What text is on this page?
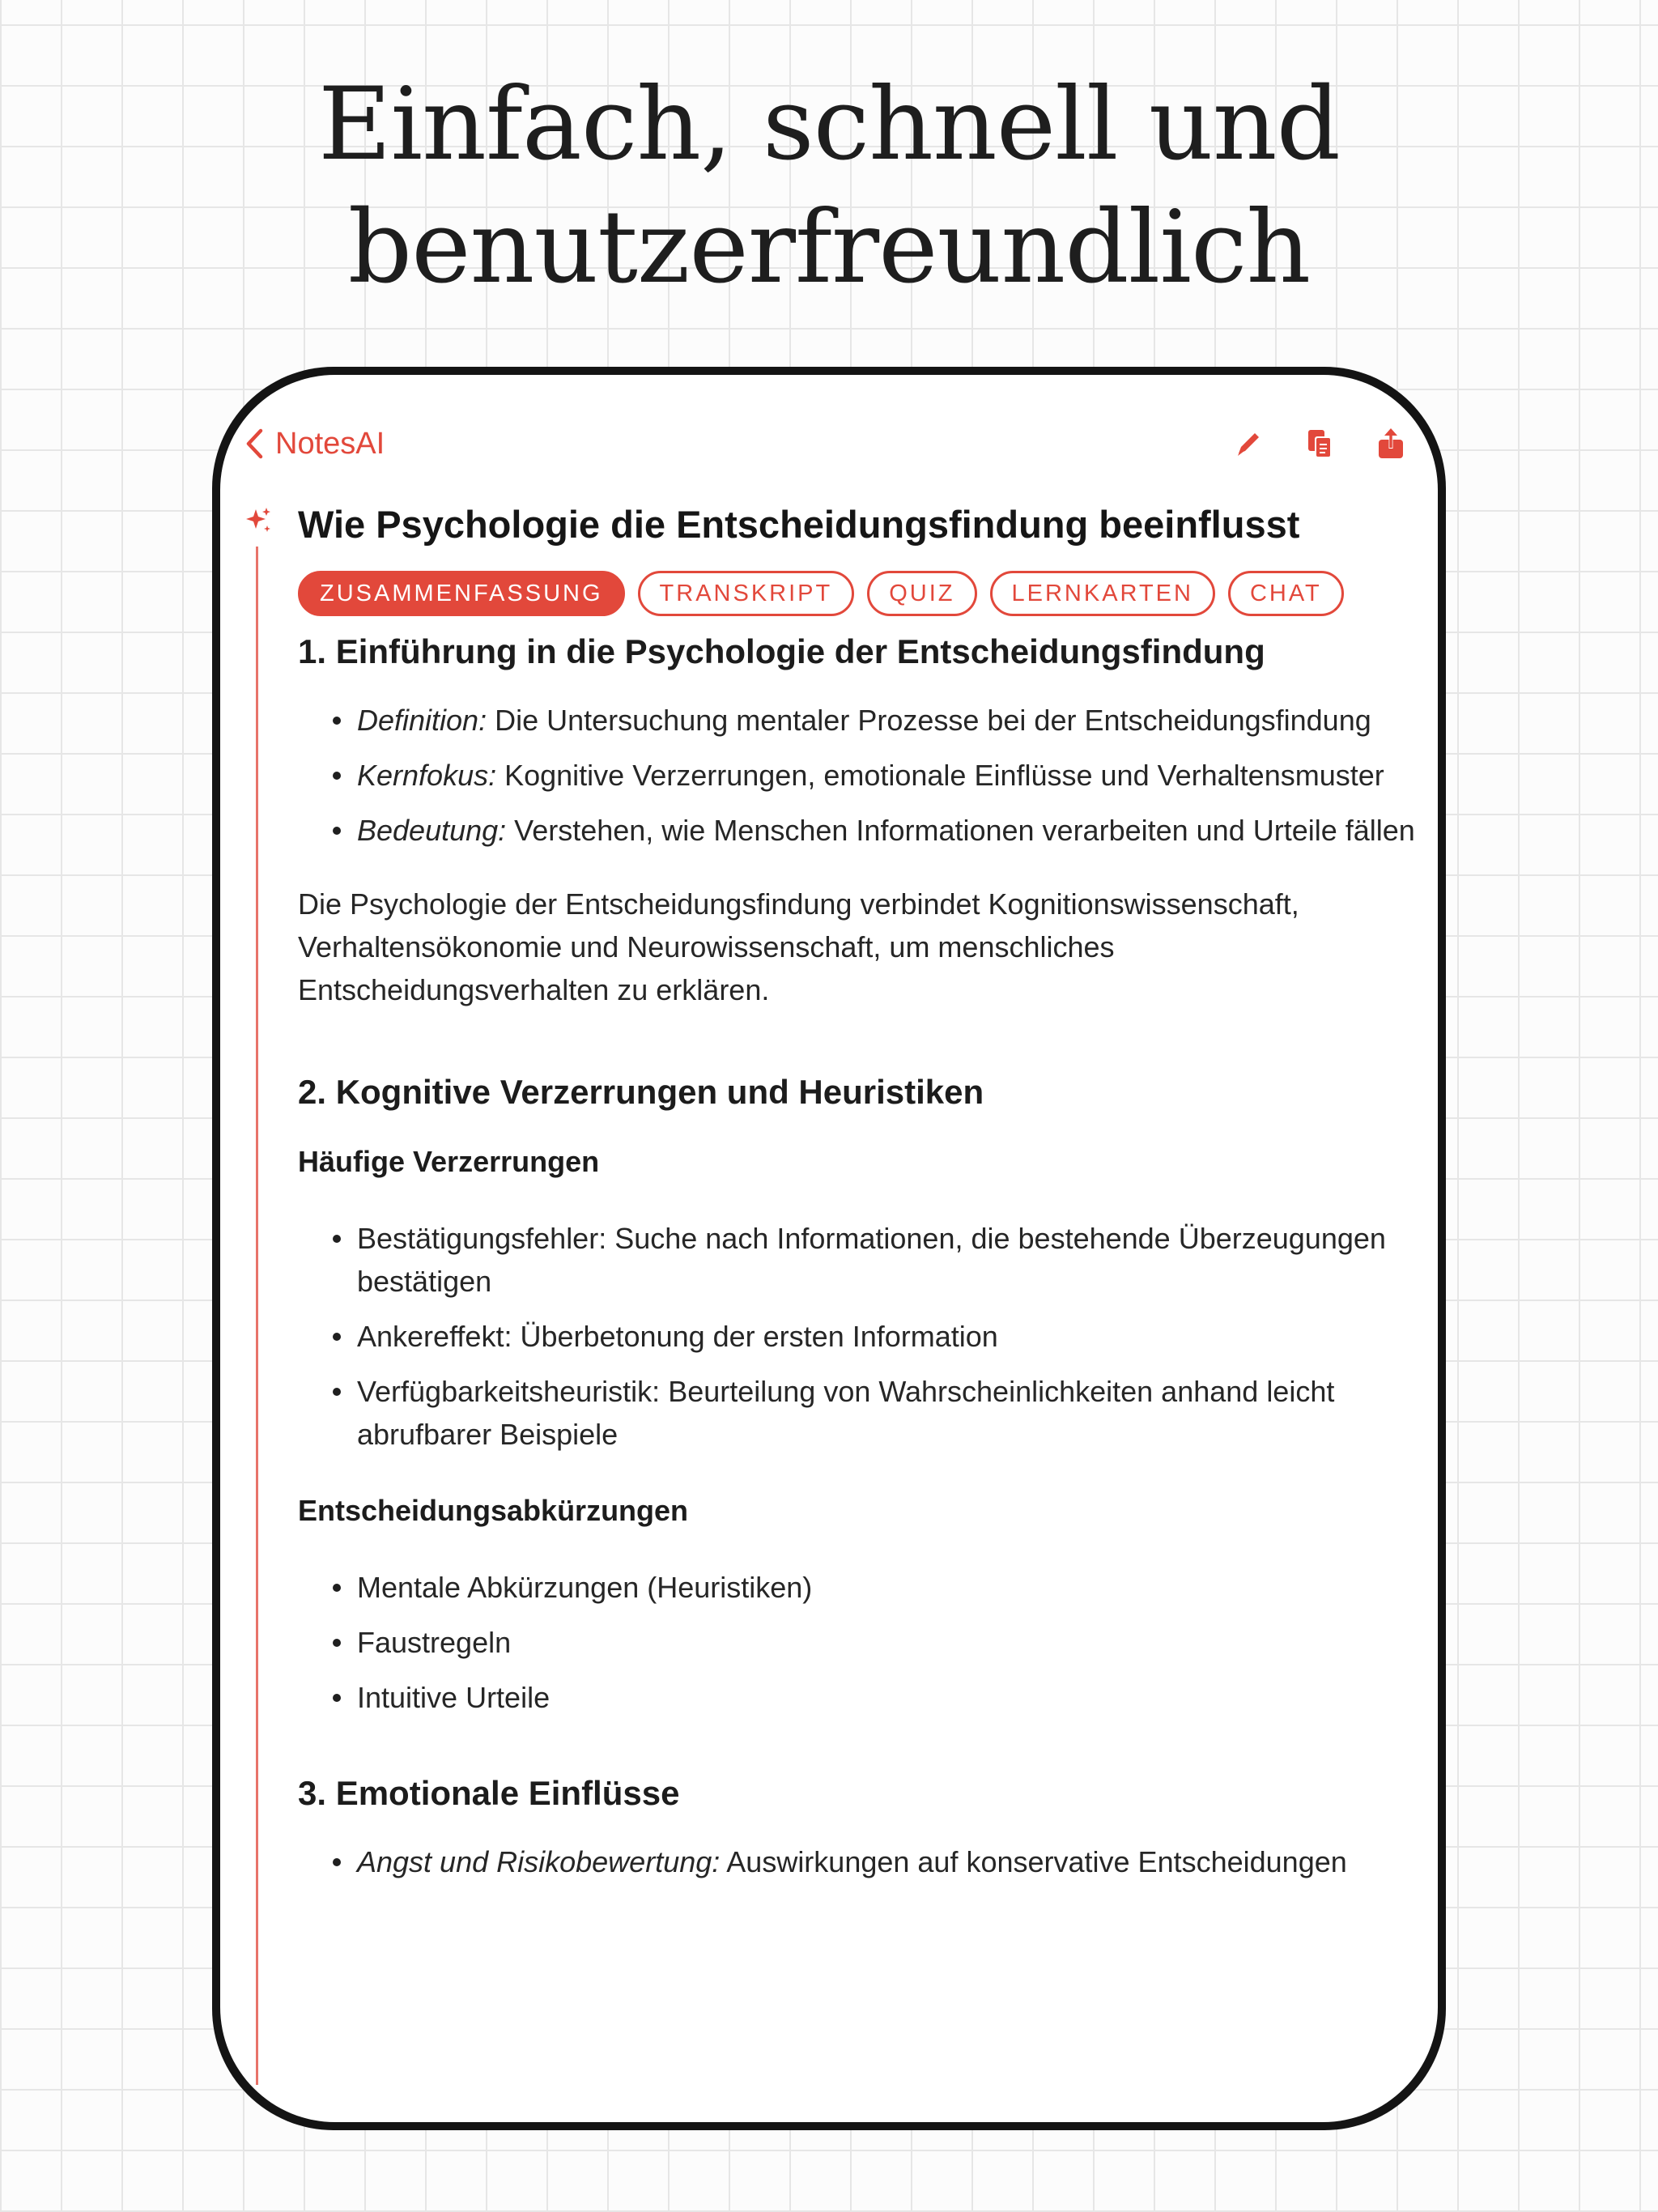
Einfach, schnell und
benutzerfreundlich
NotesAI
Wie Psychologie die Entscheidungsfindung beeinflusst
ZUSAMMENFASSUNG	TRANSKRIPT	QUIZ	LERNKARTEN	CHAT
1. Einführung in die Psychologie der Entscheidungsfindung
Definition: Die Untersuchung mentaler Prozesse bei der Entscheidungsfindung
Kernfokus: Kognitive Verzerrungen, emotionale Einflüsse und Verhaltensmuster
Bedeutung: Verstehen, wie Menschen Informationen verarbeiten und Urteile fällen

Die Psychologie der Entscheidungsfindung verbindet Kognitionswissenschaft, Verhaltensökonomie und Neurowissenschaft, um menschliches Entscheidungsverhalten zu erklären.

2. Kognitive Verzerrungen und Heuristiken
Häufige Verzerrungen
Bestätigungsfehler: Suche nach Informationen, die bestehende Überzeugungen bestätigen
Ankereffekt: Überbetonung der ersten Information
Verfügbarkeitsheuristik: Beurteilung von Wahrscheinlichkeiten anhand leicht abrufbarer Beispiele
Entscheidungsabkürzungen
Mentale Abkürzungen (Heuristiken)
Faustregeln
Intuitive Urteile
3. Emotionale Einflüsse
Angst und Risikobewertung: Auswirkungen auf konservative Entscheidungen
